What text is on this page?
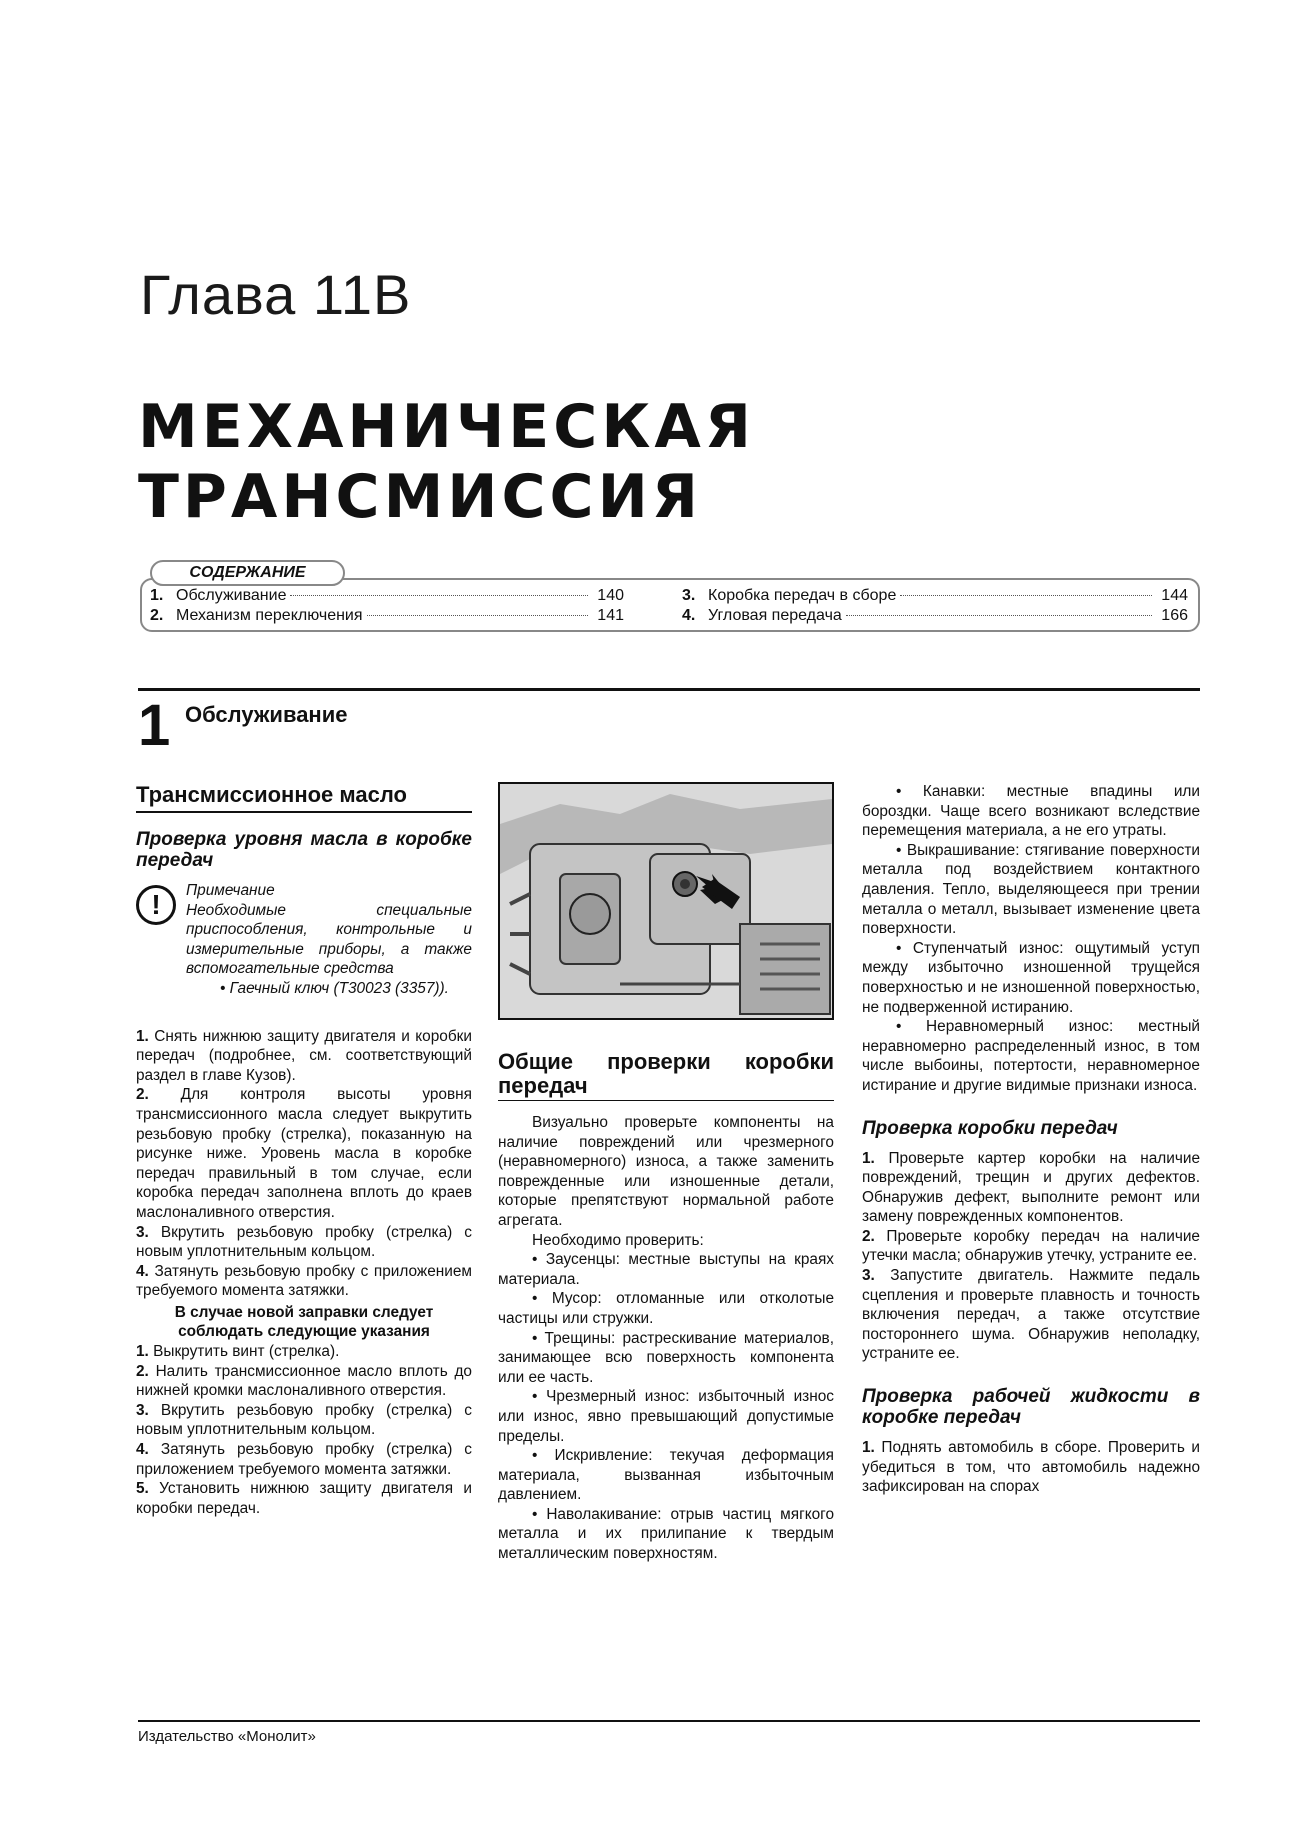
Глава 11В
МЕХАНИЧЕСКАЯ
ТРАНСМИССИЯ
СОДЕРЖАНИЕ
1. Обслуживание	140
2. Механизм переключения	141
3. Коробка передач в сборе	144
4. Угловая передача	166
1 Обслуживание
Трансмиссионное масло
Проверка уровня масла в коробке передач
!	Примечание

Необходимые специальные приспособления, контрольные и измерительные приборы, а также вспомогательные средства

• Гаечный ключ (T30023 (3357)).

1. Снять нижнюю защиту двигателя и коробки передач (подробнее, см. соответствующий раздел в главе Кузов).

2. Для контроля высоты уровня трансмиссионного масла следует выкрутить резьбовую пробку (стрелка), показанную на рисунке ниже. Уровень масла в коробке передач правильный в том случае, если коробка передач заполнена вплоть до краев маслоналивного отверстия.

3. Вкрутить резьбовую пробку (стрелка) с новым уплотнительным кольцом.

4. Затянуть резьбовую пробку с приложением требуемого момента затяжки.

В случае новой заправки следует соблюдать следующие указания

1. Выкрутить винт (стрелка).

2. Налить трансмиссионное масло вплоть до нижней кромки маслоналивного отверстия.

3. Вкрутить резьбовую пробку (стрелка) с новым уплотнительным кольцом.

4. Затянуть резьбовую пробку (стрелка) с приложением требуемого момента затяжки.

5. Установить нижнюю защиту двигателя и коробки передач.

Общие проверки коробки передач

Визуально проверьте компоненты на наличие повреждений или чрезмерного (неравномерного) износа, а также заменить поврежденные или изношенные детали, которые препятствуют нормальной работе агрегата.

Необходимо проверить:

• Заусенцы: местные выступы на краях материала.

• Мусор: отломанные или отколотые частицы или стружки.

• Трещины: растрескивание материалов, занимающее всю поверхность компонента или ее часть.

• Чрезмерный износ: избыточный износ или износ, явно превышающий допустимые пределы.

• Искривление: текучая деформация материала, вызванная избыточным давлением.

• Наволакивание: отрыв частиц мягкого металла и их прилипание к твердым металлическим поверхностям.

• Канавки: местные впадины или бороздки. Чаще всего возникают вследствие перемещения материала, а не его утраты.

• Выкрашивание: стягивание поверхности металла под воздействием контактного давления. Тепло, выделяющееся при трении металла о металл, вызывает изменение цвета поверхности.

• Ступенчатый износ: ощутимый уступ между избыточно изношенной трущейся поверхностью и не изношенной поверхностью, не подверженной истиранию.

• Неравномерный износ: местный неравномерно распределенный износ, в том числе выбоины, потертости, неравномерное истирание и другие видимые признаки износа.

Проверка коробки передач

1. Проверьте картер коробки на наличие повреждений, трещин и других дефектов. Обнаружив дефект, выполните ремонт или замену поврежденных компонентов.

2. Проверьте коробку передач на наличие утечки масла; обнаружив утечку, устраните ее.

3. Запустите двигатель. Нажмите педаль сцепления и проверьте плавность и точность включения передач, а также отсутствие постороннего шума. Обнаружив неполадку, устраните ее.

Проверка рабочей жидкости в коробке передач

1. Поднять автомобиль в сборе. Проверить и убедиться в том, что автомобиль надежно зафиксирован на спорах

Издательство «Монолит»
